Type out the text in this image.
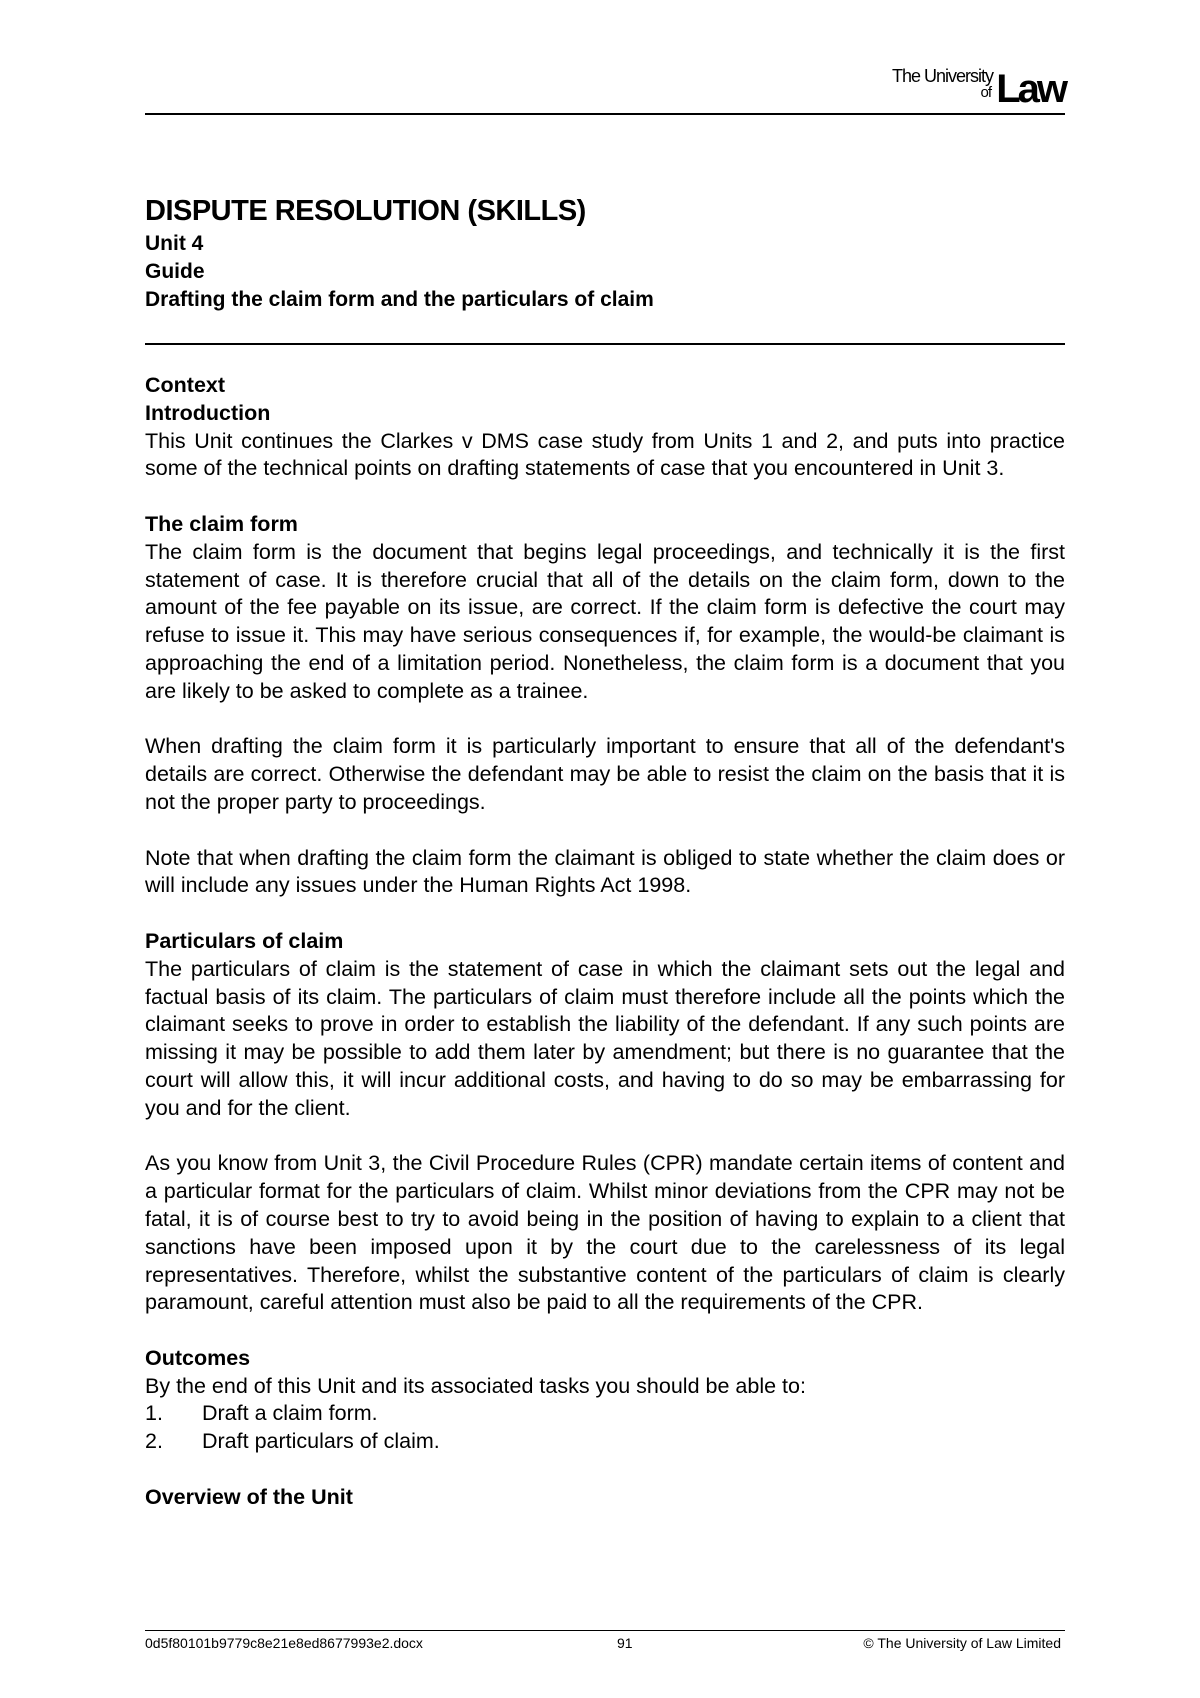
The University
of Law
DISPUTE RESOLUTION (SKILLS)

Unit 4

Guide

Drafting the claim form and the particulars of claim

Context
Introduction

This Unit continues the Clarkes v DMS case study from Units 1 and 2, and puts into practice some of the technical points on drafting statements of case that you encountered in Unit 3.

The claim form

The claim form is the document that begins legal proceedings, and technically it is the first statement of case. It is therefore crucial that all of the details on the claim form, down to the amount of the fee payable on its issue, are correct. If the claim form is defective the court may refuse to issue it. This may have serious consequences if, for example, the would-be claimant is approaching the end of a limitation period. Nonetheless, the claim form is a document that you are likely to be asked to complete as a trainee.

When drafting the claim form it is particularly important to ensure that all of the defendant's details are correct. Otherwise the defendant may be able to resist the claim on the basis that it is not the proper party to proceedings.

Note that when drafting the claim form the claimant is obliged to state whether the claim does or will include any issues under the Human Rights Act 1998.

Particulars of claim

The particulars of claim is the statement of case in which the claimant sets out the legal and factual basis of its claim. The particulars of claim must therefore include all the points which the claimant seeks to prove in order to establish the liability of the defendant. If any such points are missing it may be possible to add them later by amendment; but there is no guarantee that the court will allow this, it will incur additional costs, and having to do so may be embarrassing for you and for the client.

As you know from Unit 3, the Civil Procedure Rules (CPR) mandate certain items of content and a particular format for the particulars of claim. Whilst minor deviations from the CPR may not be fatal, it is of course best to try to avoid being in the position of having to explain to a client that sanctions have been imposed upon it by the court due to the carelessness of its legal representatives. Therefore, whilst the substantive content of the particulars of claim is clearly paramount, careful attention must also be paid to all the requirements of the CPR.

Outcomes

By the end of this Unit and its associated tasks you should be able to:

1.	Draft a claim form.
2.	Draft particulars of claim.
Overview of the Unit
0d5f80101b9779c8e21e8ed8677993e2.docx	91	© The University of Law Limited
